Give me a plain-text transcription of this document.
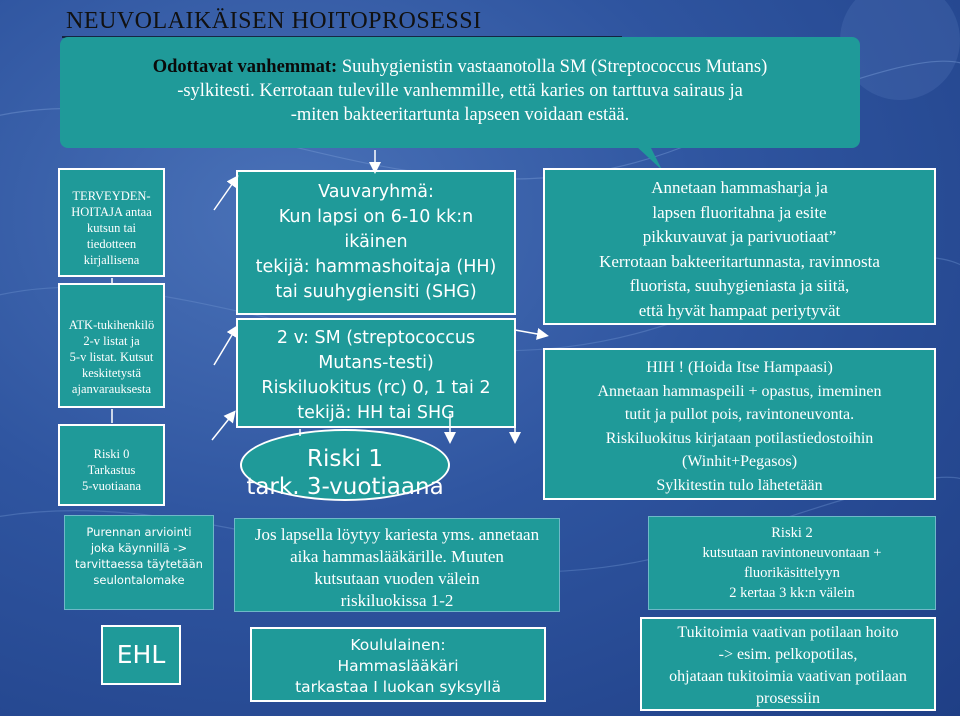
NEUVOLAIKÄISEN HOITOPROSESSI
Odottavat vanhemmat: Suuhygienistin vastaanotolla SM (Streptococcus Mutans)
-sylkitesti. Kerrotaan tuleville vanhemmille, että karies on tarttuva sairaus ja
-miten bakteeritartunta lapseen voidaan estää.
TERVEYDEN-
HOITAJA antaa
kutsun tai
tiedotteen
kirjallisena
ATK-tukihenkilö
2-v listat ja
5-v listat. Kutsut
keskitetystä
ajanvarauksesta
Riski 0
Tarkastus
5-vuotiaana
Vauvaryhmä:
Kun lapsi on 6-10 kk:n
ikäinen
tekijä: hammashoitaja (HH)
tai suuhygiensiti (SHG)
2 v: SM (streptococcus
Mutans-testi)
Riskiluokitus (rc) 0, 1 tai 2
tekijä: HH tai SHG
Riski 1
tark. 3-vuotiaana
Annetaan hammasharja ja
lapsen fluoritahna ja esite
pikkuvauvat ja parivuotiaat”
Kerrotaan bakteeritartunnasta, ravinnosta
fluorista, suuhygieniasta ja siitä,
että hyvät hampaat periytyvät
HIH ! (Hoida Itse Hampaasi)
Annetaan hammaspeili + opastus, imeminen
tutit ja pullot pois, ravintoneuvonta.
Riskiluokitus kirjataan potilastiedostoihin
(Winhit+Pegasos)
Sylkitestin tulo lähetetään
Purennan arviointi
joka käynnillä ->
tarvittaessa täytetään
seulontalomake
EHL
Jos lapsella löytyy kariesta yms. annetaan
aika hammaslääkärille. Muuten
kutsutaan vuoden välein
riskiluokissa 1-2
Koululainen:
Hammaslääkäri
tarkastaa I luokan syksyllä
Riski 2
kutsutaan ravintoneuvontaan +
fluorikäsittelyyn
2 kertaa 3 kk:n välein
Tukitoimia vaativan potilaan hoito
-> esim. pelkopotilas,
ohjataan tukitoimia vaativan potilaan
prosessiin
